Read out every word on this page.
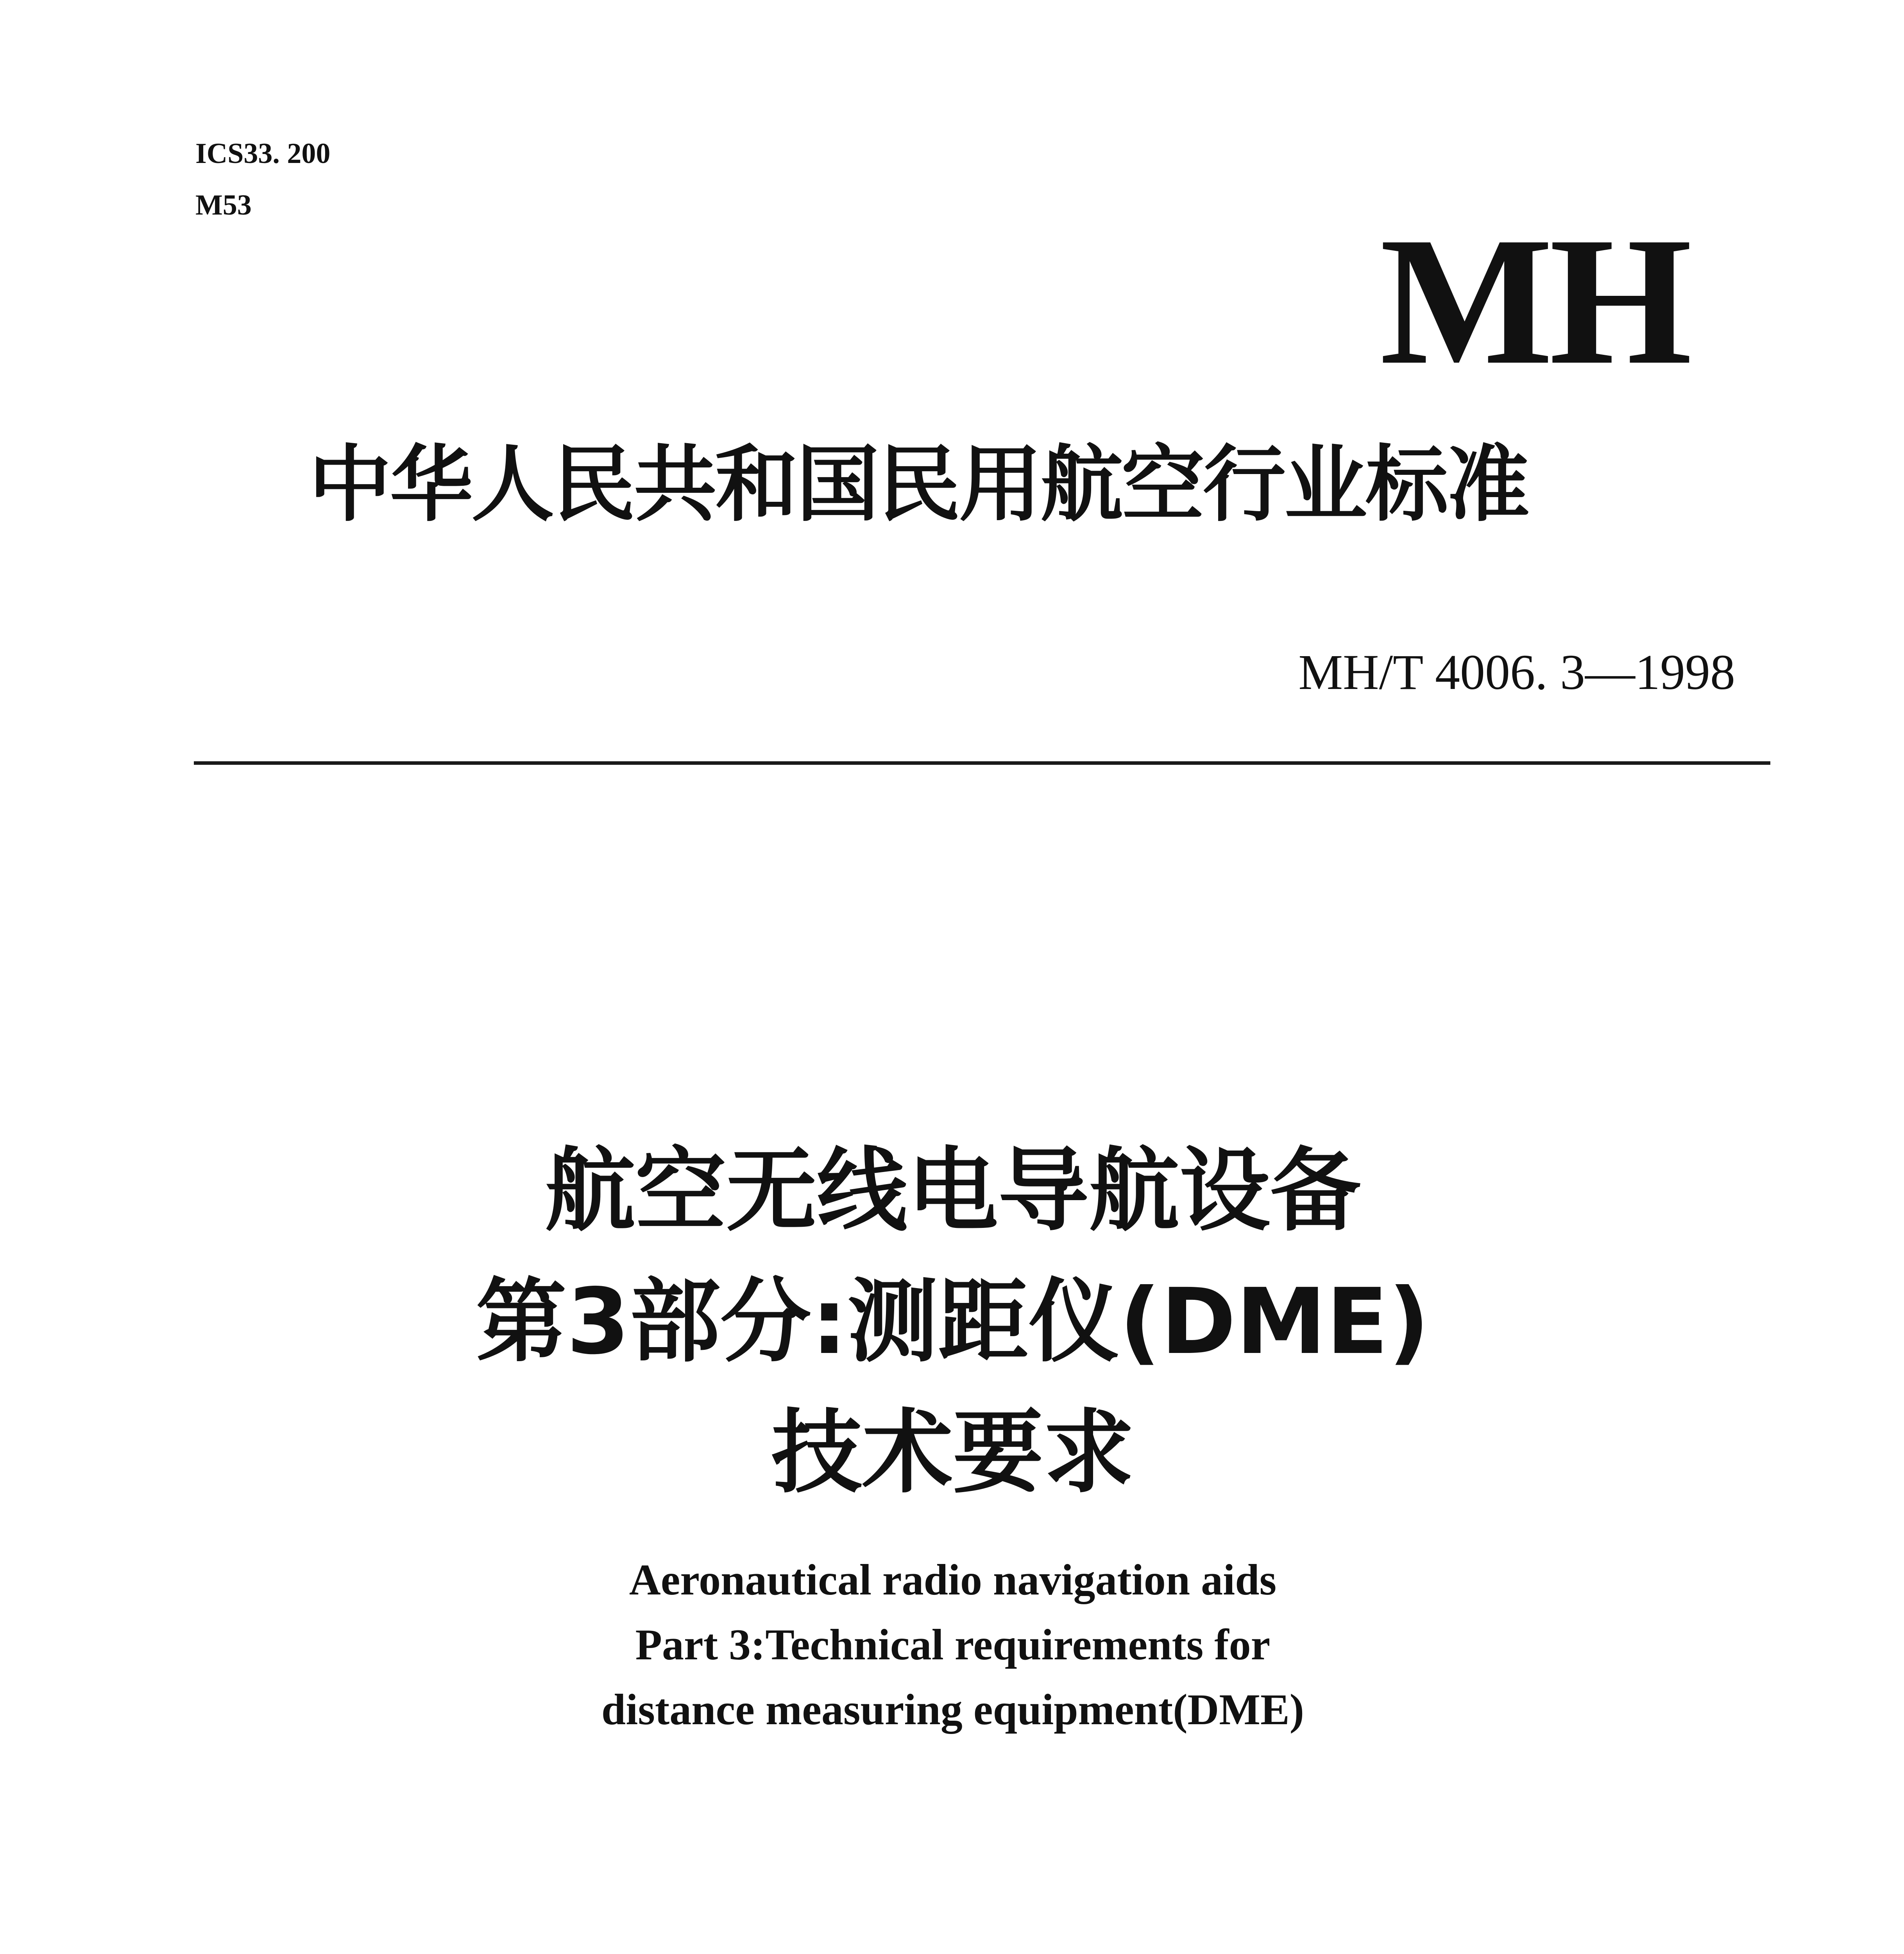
ICS33. 200
M53	MH
中华人民共和国民用航空行业标准
MH/T 4006. 3—1998
航空无线电导航设备
第3部分:测距仪(DME)
技术要求
Aeronautical radio navigation aids
Part 3:Technical requirements for
distance measuring equipment(DME)
